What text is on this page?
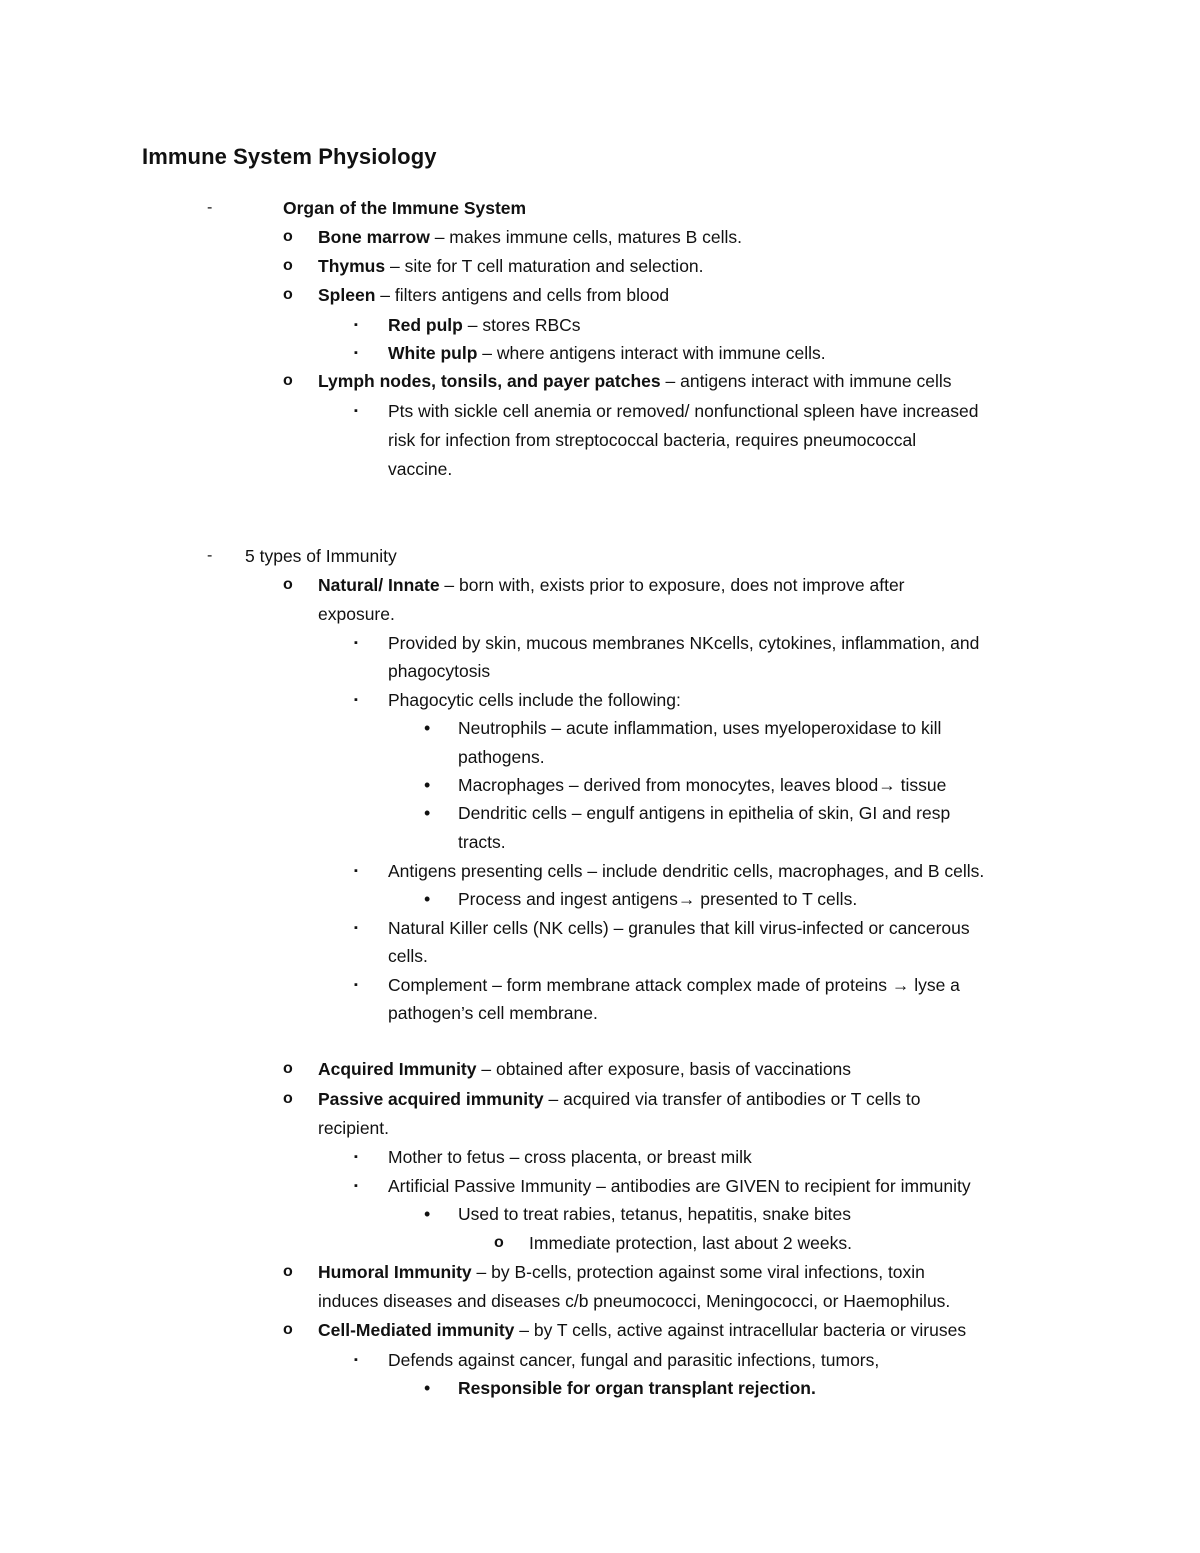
Immune System Physiology
-	Organ of the Immune System

o Bone marrow – makes immune cells, matures B cells.

o Thymus – site for T cell maturation and selection.

o Spleen – filters antigens and cells from blood

▪ Red pulp – stores RBCs

▪ White pulp – where antigens interact with immune cells.

o Lymph nodes, tonsils, and payer patches – antigens interact with immune cells

▪ Pts with sickle cell anemia or removed/ nonfunctional spleen have increased

risk for infection from streptococcal bacteria, requires pneumococcal

vaccine.

- 5 types of Immunity

o Natural/ Innate – born with, exists prior to exposure, does not improve after

exposure.

▪ Provided by skin, mucous membranes NKcells, cytokines, inflammation, and

phagocytosis

▪ Phagocytic cells include the following:

• Neutrophils – acute inflammation, uses myeloperoxidase to kill

pathogens.

• Macrophages – derived from monocytes, leaves blood→ tissue

• Dendritic cells – engulf antigens in epithelia of skin, GI and resp

tracts.

▪ Antigens presenting cells – include dendritic cells, macrophages, and B cells.

• Process and ingest antigens→ presented to T cells.

▪ Natural Killer cells (NK cells) – granules that kill virus-infected or cancerous

cells.

▪ Complement – form membrane attack complex made of proteins → lyse a

pathogen’s cell membrane.

o Acquired Immunity – obtained after exposure, basis of vaccinations

o Passive acquired immunity – acquired via transfer of antibodies or T cells to

recipient.

▪ Mother to fetus – cross placenta, or breast milk

▪ Artificial Passive Immunity – antibodies are GIVEN to recipient for immunity

• Used to treat rabies, tetanus, hepatitis, snake bites

o Immediate protection, last about 2 weeks.

o Humoral Immunity – by B-cells, protection against some viral infections, toxin

induces diseases and diseases c/b pneumococci, Meningococci, or Haemophilus.

o Cell-Mediated immunity – by T cells, active against intracellular bacteria or viruses

▪ Defends against cancer, fungal and parasitic infections, tumors,

• Responsible for organ transplant rejection.
